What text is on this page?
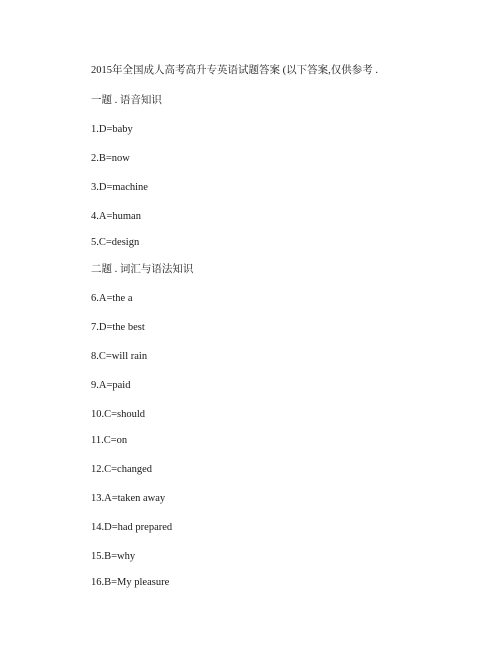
2015年全国成人高考高升专英语试题答案 (以下答案,仅供参考 .
一题 . 语音知识
1.D=baby
2.B=now
3.D=machine
4.A=human
5.C=design
二题 . 词汇与语法知识
6.A=the a
7.D=the best
8.C=will rain
9.A=paid
10.C=should
11.C=on
12.C=changed
13.A=taken away
14.D=had prepared
15.B=why
16.B=My pleasure
